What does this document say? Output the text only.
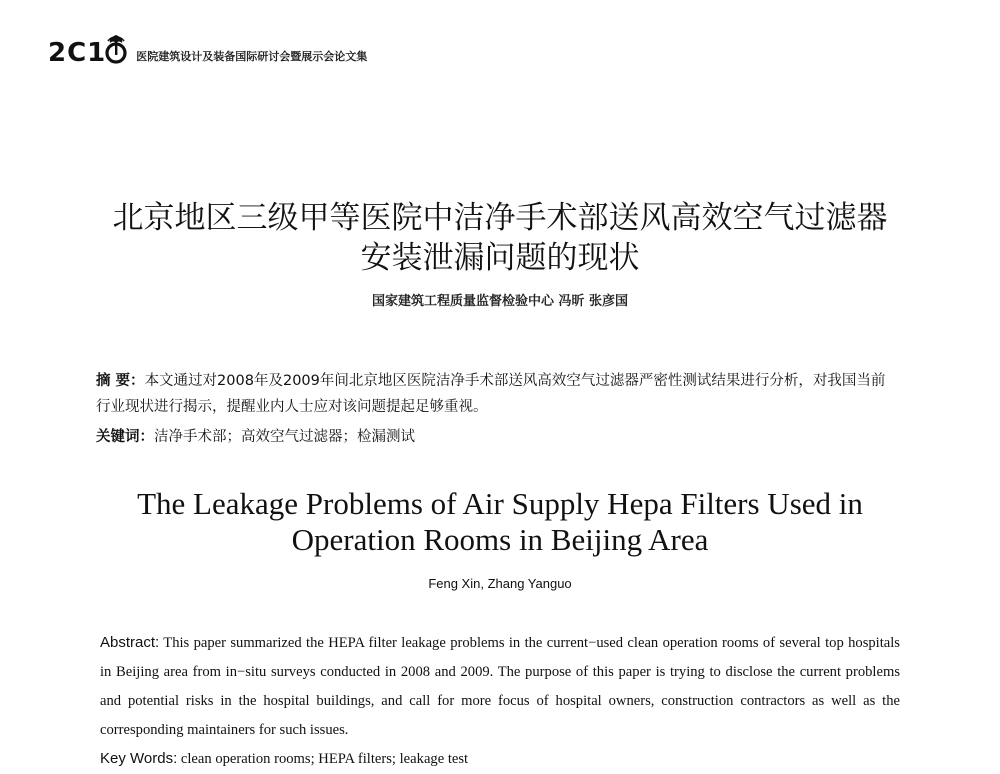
2C1	医院建筑设计及装备国际研讨会暨展示会论文集
北京地区三级甲等医院中洁净手术部送风高效空气过滤器
安装泄漏问题的现状
国家建筑工程质量监督检验中心 冯昕 张彦国
摘 要：本文通过对2008年及2009年间北京地区医院洁净手术部送风高效空气过滤器严密性测试结果进行分析，对我国当前行业现状进行揭示，提醒业内人士应对该问题提起足够重视。
关键词：洁净手术部；高效空气过滤器；检漏测试
The Leakage Problems of Air Supply Hepa Filters Used in
Operation Rooms in Beijing Area
Feng Xin, Zhang Yanguo
Abstract: This paper summarized the HEPA filter leakage problems in the current−used clean operation rooms of several top hospitals in Beijing area from in−situ surveys conducted in 2008 and 2009. The purpose of this paper is trying to disclose the current problems and potential risks in the hospital buildings, and call for more focus of hospital owners, construction contractors as well as the corresponding maintainers for such issues.
Key Words: clean operation rooms; HEPA filters; leakage test
